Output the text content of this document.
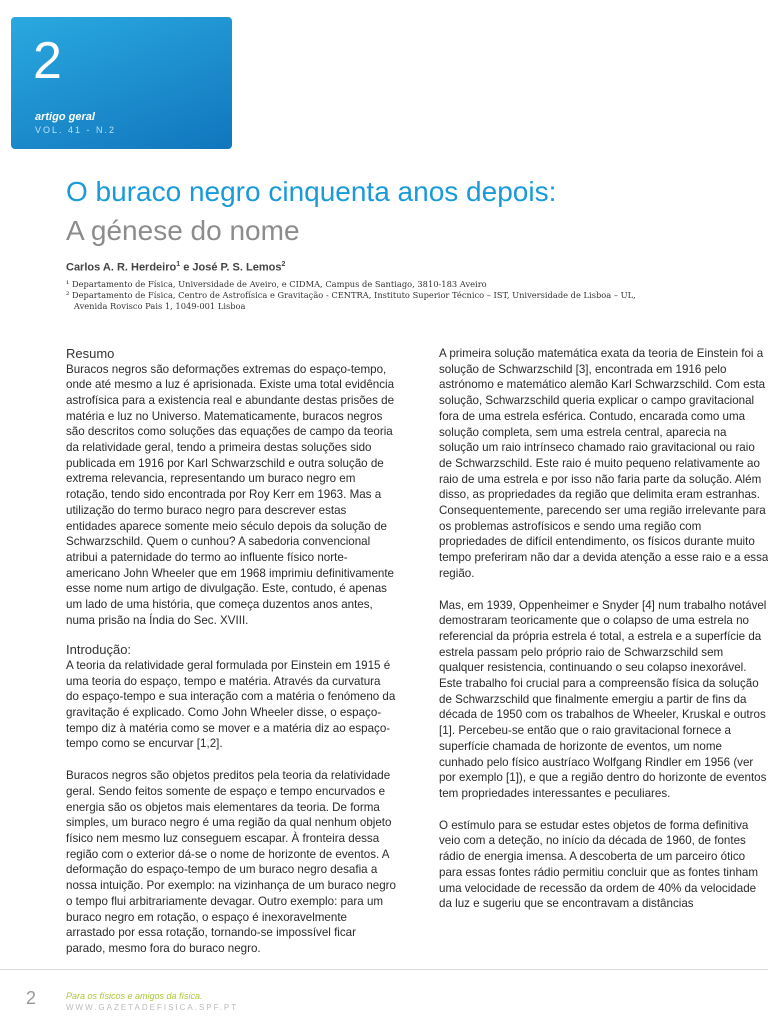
2
artigo geral
VOL. 41 - N.2
O buraco negro cinquenta anos depois:
A génese do nome
Carlos A. R. Herdeiro$^1$ e José P. S. Lemos$^2$
¹ Departamento de Física, Universidade de Aveiro, e CIDMA, Campus de Santiago, 3810-183 Aveiro
² Departamento de Física, Centro de Astrofísica e Gravitação - CENTRA, Instituto Superior Técnico – IST, Universidade de Lisboa – UL,
Avenida Rovisco Pais 1, 1049-001 Lisboa
Resumo

Buracos negros são deformações extremas do espaço-tempo, onde até mesmo a luz é aprisionada. Existe uma total evidência astrofísica para a existencia real e abundante destas prisões de matéria e luz no Universo. Matematicamente, buracos negros são descritos como soluções das equações de campo da teoria da relatividade geral, tendo a primeira destas soluções sido publicada em 1916 por Karl Schwarzschild e outra solução de extrema relevancia, representando um buraco negro em rotação, tendo sido encontrada por Roy Kerr em 1963. Mas a utilização do termo buraco negro para descrever estas entidades aparece somente meio século depois da solução de Schwarzschild. Quem o cunhou? A sabedoria convencional atribui a paternidade do termo ao influente físico norte-americano John Wheeler que em 1968 imprimiu definitivamente esse nome num artigo de divulgação. Este, contudo, é apenas um lado de uma história, que começa duzentos anos antes, numa prisão na Índia do Sec. XVIII.

Introdução:

A teoria da relatividade geral formulada por Einstein em 1915 é uma teoria do espaço, tempo e matéria. Através da curvatura do espaço-tempo e sua interação com a matéria o fenómeno da gravitação é explicado. Como John Wheeler disse, o espaço-tempo diz à matéria como se mover e a matéria diz ao espaço-tempo como se encurvar [1,2].

Buracos negros são objetos preditos pela teoria da relatividade geral. Sendo feitos somente de espaço e tempo encurvados e energia são os objetos mais elementares da teoria. De forma simples, um buraco negro é uma região da qual nenhum objeto físico nem mesmo luz conseguem escapar. À fronteira dessa região com o exterior dá-se o nome de horizonte de eventos. A deformação do espaço-tempo de um buraco negro desafia a nossa intuição. Por exemplo: na vizinhança de um buraco negro o tempo flui arbitrariamente devagar. Outro exemplo: para um buraco negro em rotação, o espaço é inexoravelmente arrastado por essa rotação, tornando-se impossível ficar parado, mesmo fora do buraco negro.

A primeira solução matemática exata da teoria de Einstein foi a solução de Schwarzschild [3], encontrada em 1916 pelo astrónomo e matemático alemão Karl Schwarzschild. Com esta solução, Schwarzschild queria explicar o campo gravitacional fora de uma estrela esférica. Contudo, encarada como uma solução completa, sem uma estrela central, aparecia na solução um raio intrínseco chamado raio gravitacional ou raio de Schwarzschild. Este raio é muito pequeno relativamente ao raio de uma estrela e por isso não faria parte da solução. Além disso, as propriedades da região que delimita eram estranhas. Consequentemente, parecendo ser uma região irrelevante para os problemas astrofísicos e sendo uma região com propriedades de difícil entendimento, os físicos durante muito tempo preferiram não dar a devida atenção a esse raio e a essa região.

Mas, em 1939, Oppenheimer e Snyder [4] num trabalho notável demostraram teoricamente que o colapso de uma estrela no referencial da própria estrela é total, a estrela e a superfície da estrela passam pelo próprio raio de Schwarzschild sem qualquer resistencia, continuando o seu colapso inexorável. Este trabalho foi crucial para a compreensão física da solução de Schwarzschild que finalmente emergiu a partir de fins da década de 1950 com os trabalhos de Wheeler, Kruskal e outros [1]. Percebeu-se então que o raio gravitacional fornece a superfície chamada de horizonte de eventos, um nome cunhado pelo físico austríaco Wolfgang Rindler em 1956 (ver por exemplo [1]), e que a região dentro do horizonte de eventos tem propriedades interessantes e peculiares.

O estímulo para se estudar estes objetos de forma definitiva veio com a deteção, no início da década de 1960, de fontes rádio de energia imensa. A descoberta de um parceiro ótico para essas fontes rádio permitiu concluir que as fontes tinham uma velocidade de recessão da ordem de 40% da velocidade da luz e sugeriu que se encontravam a distâncias

2	Para os físicos e amigos da física.
WWW.GAZETADEFISICA.SPF.PT
